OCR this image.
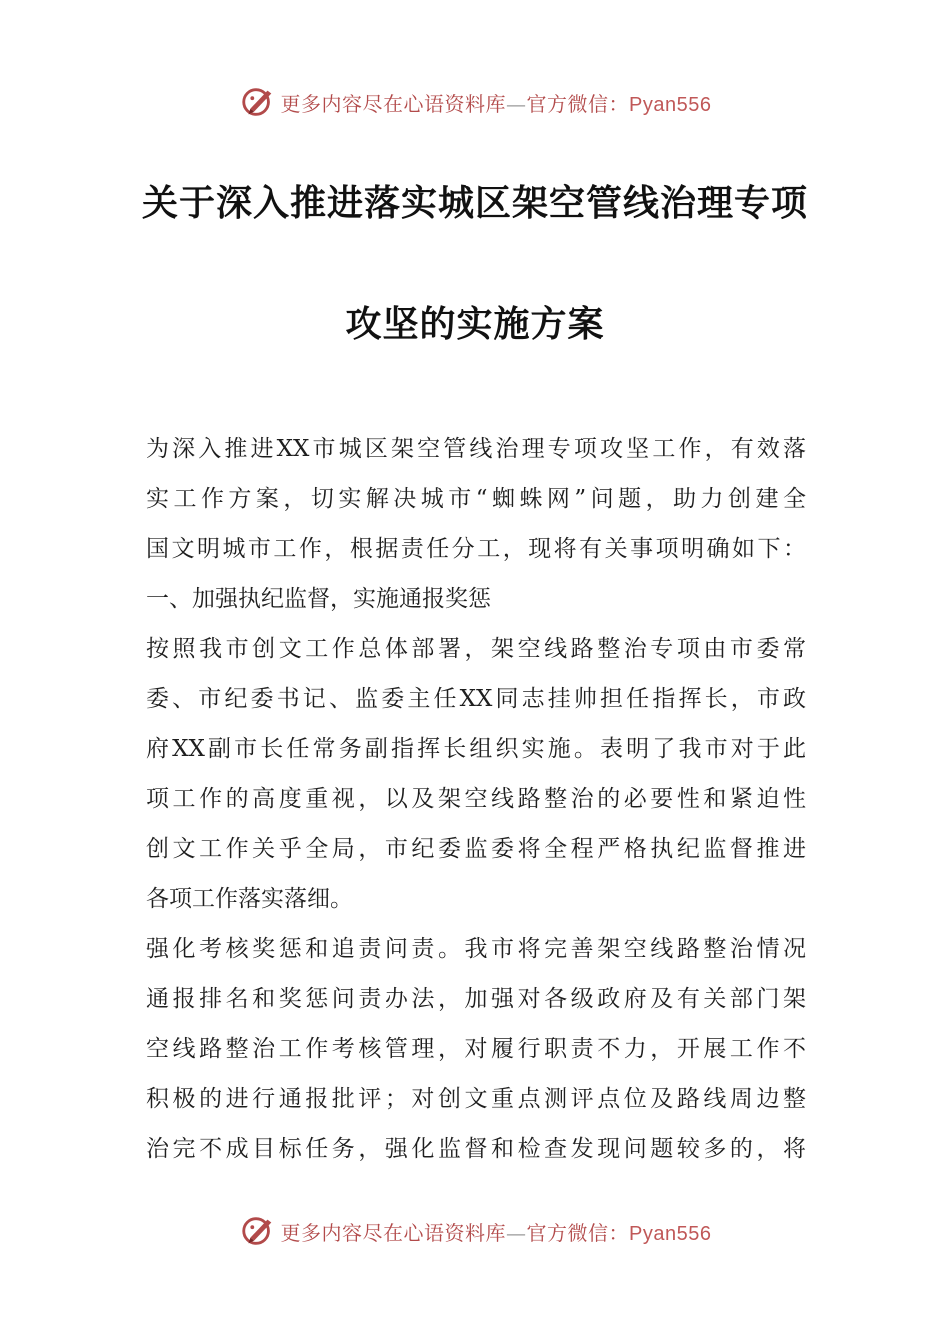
更多内容尽在心语资料库—官方微信：Pyan556
关于深入推进落实城区架空管线治理专项
攻坚的实施方案
为深入推进XX市城区架空管线治理专项攻坚工作，有效落
实工作方案，切实解决城市“蜘蛛网”问题，助力创建全
国文明城市工作，根据责任分工，现将有关事项明确如下：
一、加强执纪监督，实施通报奖惩
按照我市创文工作总体部署，架空线路整治专项由市委常
委、市纪委书记、监委主任XX同志挂帅担任指挥长，市政
府XX副市长任常务副指挥长组织实施。表明了我市对于此
项工作的高度重视，以及架空线路整治的必要性和紧迫性
创文工作关乎全局，市纪委监委将全程严格执纪监督推进
各项工作落实落细。
强化考核奖惩和追责问责。我市将完善架空线路整治情况
通报排名和奖惩问责办法，加强对各级政府及有关部门架
空线路整治工作考核管理，对履行职责不力，开展工作不
积极的进行通报批评；对创文重点测评点位及路线周边整
治完不成目标任务，强化监督和检查发现问题较多的，将
更多内容尽在心语资料库—官方微信：Pyan556
